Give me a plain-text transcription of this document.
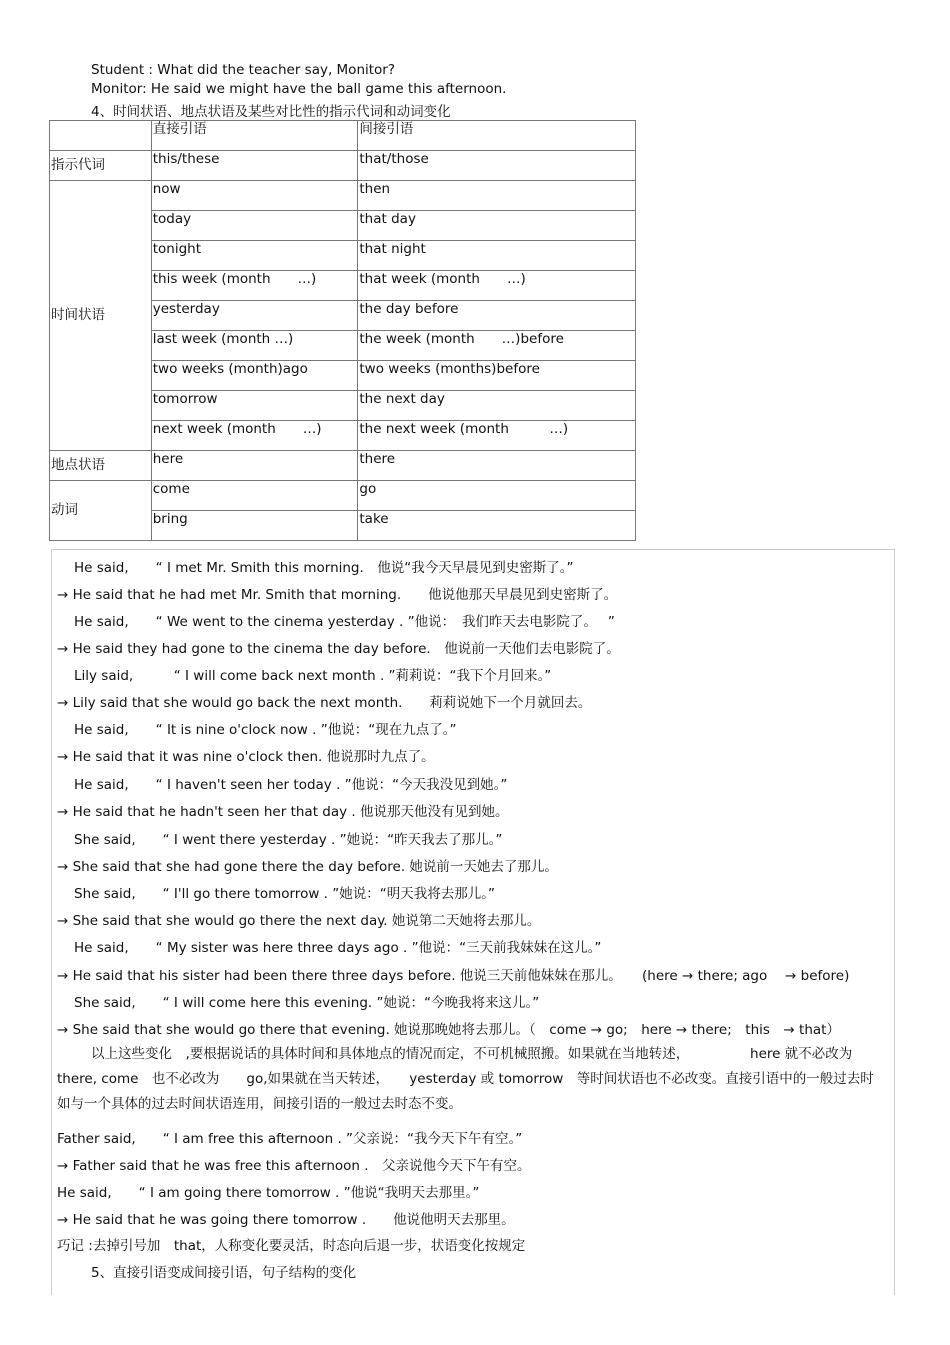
Student : What did the teacher say, Monitor?
Monitor: He said we might have the ball game this afternoon.
4、时间状语、地点状语及某些对比性的指示代词和动词变化
	直接引语	间接引语
指示代词	this/these	that/those
时间状语	now	then
	today	that day
	tonight	that night
	this week (month　　…)	that week (month　　…)
	yesterday	the day before
	last week (month …)	the week (month　　…)before
	two weeks (month)ago	two weeks (months)before
	tomorrow	the next day
	next week (month　　…)	the next week (month　　　…)
地点状语	here	there
动词	come	go
	bring	take
He said,　　“ I met Mr. Smith this morning.　他说“我今天早晨见到史密斯了。”
→ He said that he had met Mr. Smith that morning.　　他说他那天早晨见到史密斯了。
He said,　　“ We went to the cinema yesterday . ”他说：　我们昨天去电影院了。　 ”
→ He said they had gone to the cinema the day before.　他说前一天他们去电影院了。
Lily said,　　　“ I will come back next month . ”莉莉说：“我下个月回来。”
→ Lily said that she would go back the next month.　　莉莉说她下一个月就回去。
He said,　　“ It is nine o'clock now . ”他说：“现在九点了。”
→ He said that it was nine o'clock then. 他说那时九点了。
He said,　　“ I haven't seen her today . ”他说：“今天我没见到她。”
→ He said that he hadn't seen her that day . 他说那天他没有见到她。
She said,　　“ I went there yesterday . ”她说：“昨天我去了那儿。”
→ She said that she had gone there the day before. 她说前一天她去了那儿。
She said,　　“ I'll go there tomorrow . ”她说：“明天我将去那儿。”
→ She said that she would go there the next day. 她说第二天她将去那儿。
He said,　　“ My sister was here three days ago . ”他说：“三天前我妹妹在这儿。”
→ He said that his sister had been there three days before. 他说三天前他妹妹在那儿。　　(here → there; ago　 → before)
She said,　　“ I will come here this evening. ”她说：“今晚我将来这儿。”
→ She said that she would go there that evening. 她说那晚她将去那儿。（　come → go;　here → there;　this　→ that）
以上这些变化　,要根据说话的具体时间和具体地点的情况而定，不可机械照搬。如果就在当地转述，　　　　　here 就不必改为　there, come　也不必改为　　go,如果就在当天转述，　　yesterday 或 tomorrow　等时间状语也不必改变。直接引语中的一般过去时如与一个具体的过去时间状语连用，间接引语的一般过去时态不变。
Father said,　　“ I am free this afternoon . ”父亲说：“我今天下午有空。”
→ Father said that he was free this afternoon .　父亲说他今天下午有空。
He said,　　“ I am going there tomorrow . ”他说“我明天去那里。”
→ He said that he was going there tomorrow .　　他说他明天去那里。
巧记 :去掉引号加　that，人称变化要灵活，时态向后退一步，状语变化按规定
5、直接引语变成间接引语，句子结构的变化
